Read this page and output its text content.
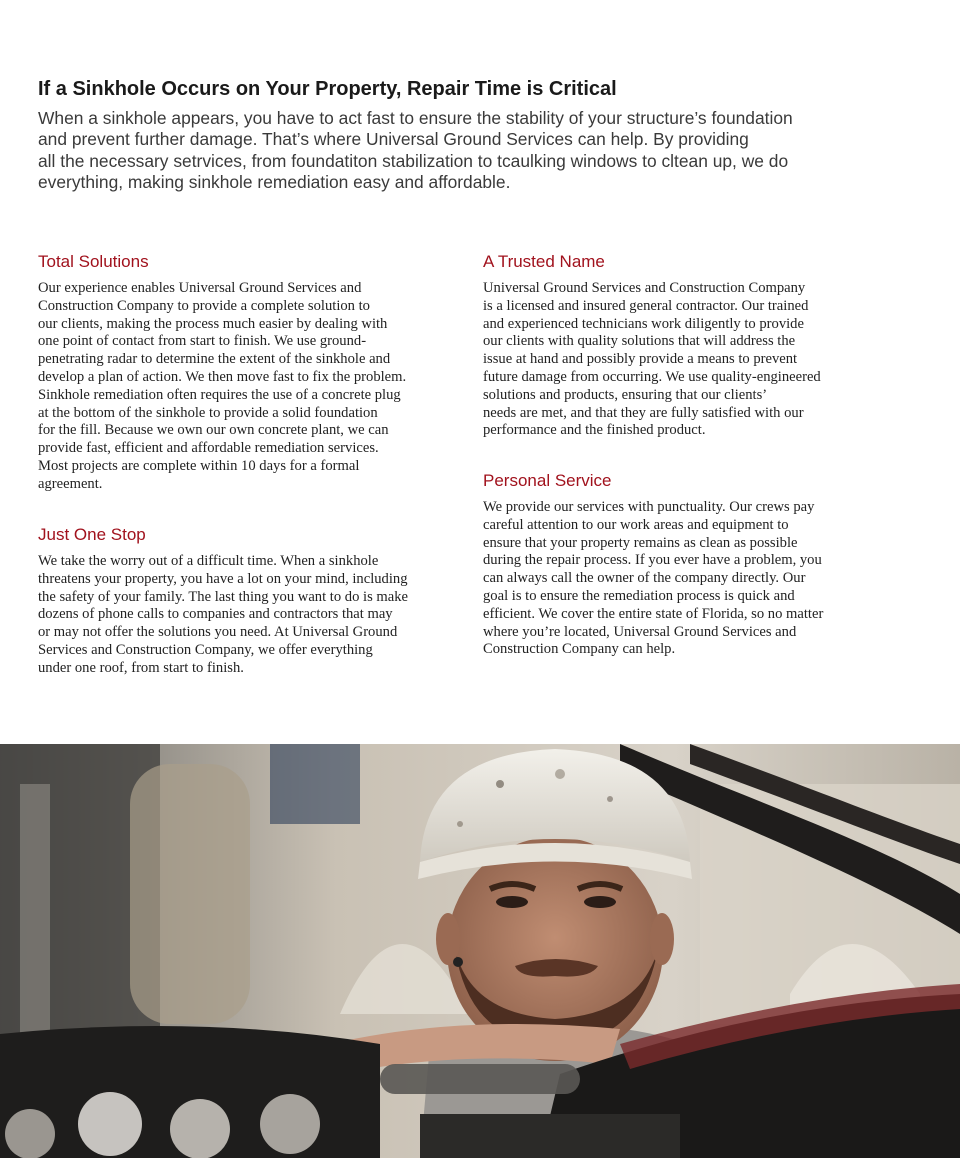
If a Sinkhole Occurs on Your Property, Repair Time is Critical
When a sinkhole appears, you have to act fast to ensure the stability of your structure’s foundation
and prevent further damage. That’s where Universal Ground Services can help. By providing
all the necessary setrvices, from foundatiton stabilization to tcaulking windows to cltean up, we do
everything, making sinkhole remediation easy and affordable.
Total Solutions
Our experience enables Universal Ground Services and
Construction Company to provide a complete solution to
our clients, making the process much easier by dealing with
one point of contact from start to finish. We use ground-
penetrating radar to determine the extent of the sinkhole and
develop a plan of action. We then move fast to fix the problem.
Sinkhole remediation often requires the use of a concrete plug
at the bottom of the sinkhole to provide a solid foundation
for the fill. Because we own our own concrete plant, we can
provide fast, efficient and affordable remediation services.
Most projects are complete within 10 days for a formal
agreement.
Just One Stop
We take the worry out of a difficult time. When a sinkhole
threatens your property, you have a lot on your mind, including
the safety of your family. The last thing you want to do is make
dozens of phone calls to companies and contractors that may
or may not offer the solutions you need. At Universal Ground
Services and Construction Company, we offer everything
under one roof, from start to finish.
A Trusted Name
Universal Ground Services and Construction Company
is a licensed and insured general contractor. Our trained
and experienced technicians work diligently to provide
our clients with quality solutions that will address the
issue at hand and possibly provide a means to prevent
future damage from occurring. We use quality-engineered
solutions and products, ensuring that our clients’
needs are met, and that they are fully satisfied with our
performance and the finished product.
Personal Service
We provide our services with punctuality. Our crews pay
careful attention to our work areas and equipment to
ensure that your property remains as clean as possible
during the repair process. If you ever have a problem, you
can always call the owner of the company directly. Our
goal is to ensure the remediation process is quick and
efficient. We cover the entire state of Florida, so no matter
where you’re located, Universal Ground Services and
Construction Company can help.
